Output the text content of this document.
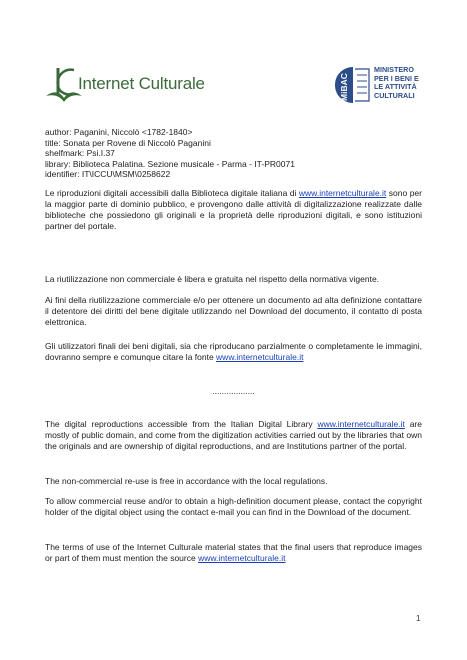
Internet Culturale	MiBAC
MINISTERO
PER I BENI E
LE ATTIVITÀ
CULTURALI
author: Paganini, Niccolò <1782-1840>
title: Sonata per Rovene di Niccolò Paganini
shelfmark: Psi.I.37
library: Biblioteca Palatina. Sezione musicale - Parma - IT-PR0071
identifier: IT\ICCU\MSM\0258622
Le riproduzioni digitali accessibili dalla Biblioteca digitale italiana di www.internetculturale.it sono per la maggior parte di dominio pubblico, e provengono dalle attività di digitalizzazione realizzate dalle biblioteche che possiedono gli originali e la proprietà delle riproduzioni digitali, e sono istituzioni partner del portale.
La riutilizzazione non commerciale è libera e gratuita nel rispetto della normativa vigente.
Ai fini della riutilizzazione commerciale e/o per ottenere un documento ad alta definizione contattare il detentore dei diritti del bene digitale utilizzando nel Download del documento, il contatto di posta elettronica.
Gli utilizzatori finali dei beni digitali, sia che riproducano parzialmente o completamente le immagini, dovranno sempre e comunque citare la fonte www.internetculturale.it
..................
The digital reproductions accessible from the Italian Digital Library www.internetculturale.it are mostly of public domain, and come from the digitization activities carried out by the libraries that own the originals and are ownership of digital reproductions, and are Institutions partner of the portal.
The non-commercial re-use is free in accordance with the local regulations.
To allow commercial reuse and/or to obtain a high-definition document please, contact the copyright holder of the digital object using the contact e-mail you can find in the Download of the document.
The terms of use of the Internet Culturale material states that the final users that reproduce images or part of them must mention the source www.internetculturale.it
1
